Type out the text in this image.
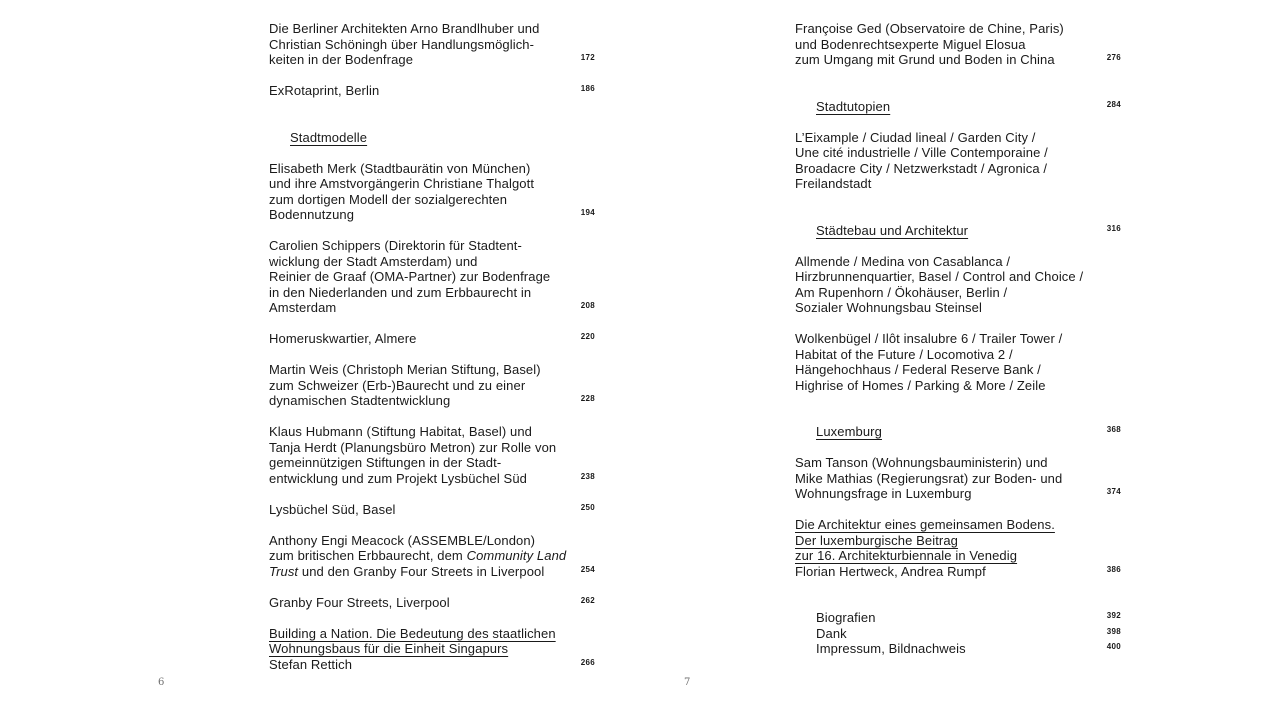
Die Berliner Architekten Arno Brandlhuber und
Christian Schöningh über Handlungsmöglich-
keiten in der Bodenfrage	172
ExRotaprint, Berlin	186
Stadtmodelle
Elisabeth Merk (Stadtbaurätin von München)
und ihre Amstvorgängerin Christiane Thalgott
zum dortigen Modell der sozialgerechten
Bodennutzung	194
Carolien Schippers (Direktorin für Stadtent-
wicklung der Stadt Amsterdam) und
Reinier de Graaf (OMA-Partner) zur Bodenfrage
in den Niederlanden und zum Erbbaurecht in
Amsterdam	208
Homeruskwartier, Almere	220
Martin Weis (Christoph Merian Stiftung, Basel)
zum Schweizer (Erb-)Baurecht und zu einer
dynamischen Stadtentwicklung	228
Klaus Hubmann (Stiftung Habitat, Basel) und
Tanja Herdt (Planungsbüro Metron) zur Rolle von
gemeinnützigen Stiftungen in der Stadt-
entwicklung und zum Projekt Lysbüchel Süd	238
Lysbüchel Süd, Basel	250
Anthony Engi Meacock (ASSEMBLE/London)
zum britischen Erbbaurecht, dem Community Land
Trust und den Granby Four Streets in Liverpool	254
Granby Four Streets, Liverpool	262
Building a Nation. Die Bedeutung des staatlichen
Wohnungsbaus für die Einheit Singapurs
Stefan Rettich	266
Françoise Ged (Observatoire de Chine, Paris)
und Bodenrechtsexperte Miguel Elosua
zum Umgang mit Grund und Boden in China	276
Stadtutopien	284
L’Eixample / Ciudad lineal / Garden City /
Une cité industrielle / Ville Contemporaine /
Broadacre City / Netzwerkstadt / Agronica /
Freilandstadt
Städtebau und Architektur	316
Allmende / Medina von Casablanca /
Hirzbrunnenquartier, Basel / Control and Choice /
Am Rupenhorn / Ökohäuser, Berlin /
Sozialer Wohnungsbau Steinsel
Wolkenbügel / Ilôt insalubre 6 / Trailer Tower /
Habitat of the Future / Locomotiva 2 /
Hängehochhaus / Federal Reserve Bank /
Highrise of Homes / Parking & More / Zeile
Luxemburg	368
Sam Tanson (Wohnungsbauministerin) und
Mike Mathias (Regierungsrat) zur Boden- und
Wohnungsfrage in Luxemburg	374
Die Architektur eines gemeinsamen Bodens.
Der luxemburgische Beitrag
zur 16. Architekturbiennale in Venedig
Florian Hertweck, Andrea Rumpf	386
Biografien	392
Dank	398
Impressum, Bildnachweis	400
6	7
